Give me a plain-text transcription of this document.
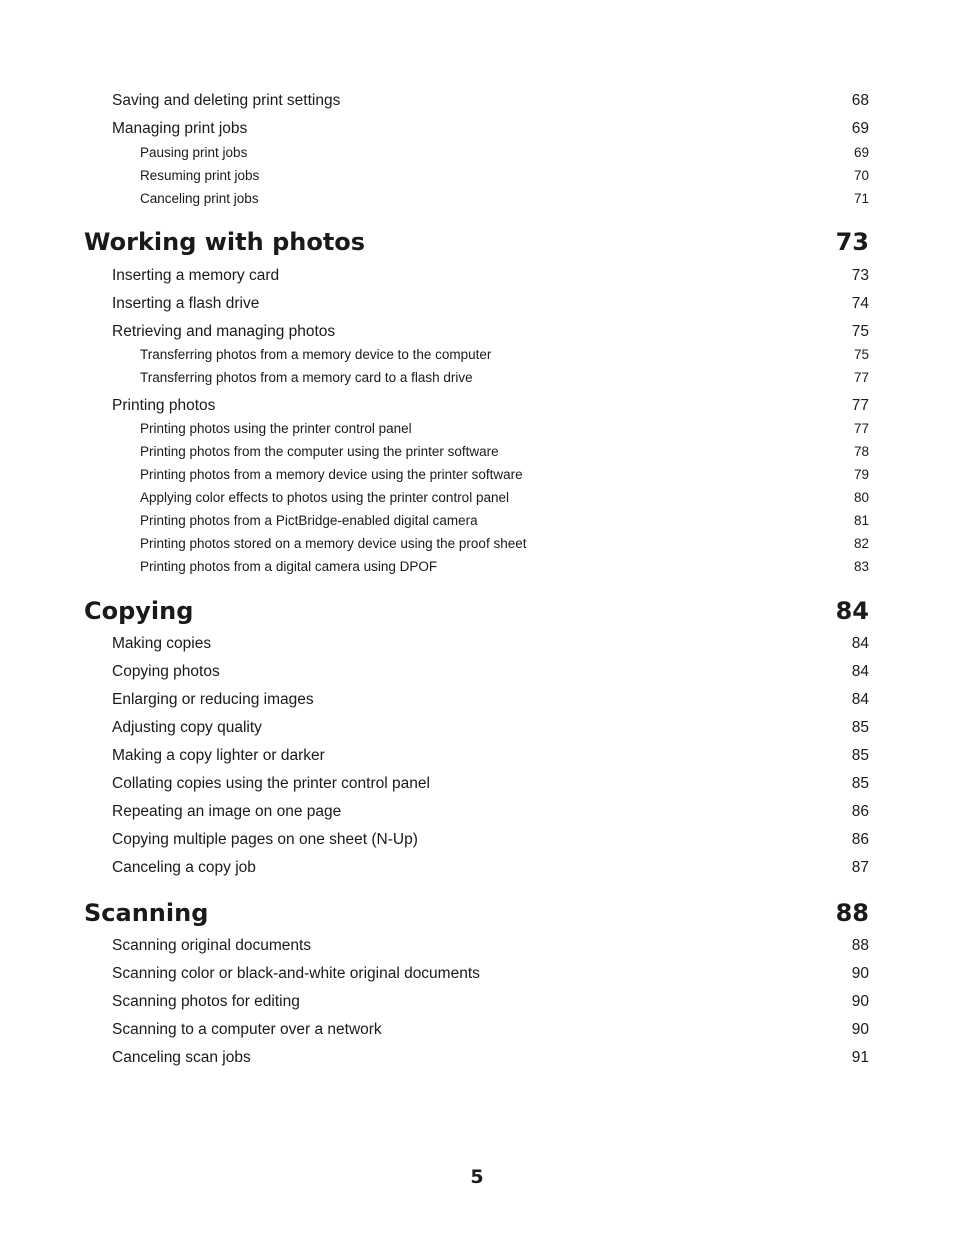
Saving and deleting print settings	68
Managing print jobs	69
Pausing print jobs	69
Resuming print jobs	70
Canceling print jobs	71
Working with photos	73
Inserting a memory card	73
Inserting a flash drive	74
Retrieving and managing photos	75
Transferring photos from a memory device to the computer	75
Transferring photos from a memory card to a flash drive	77
Printing photos	77
Printing photos using the printer control panel	77
Printing photos from the computer using the printer software	78
Printing photos from a memory device using the printer software	79
Applying color effects to photos using the printer control panel	80
Printing photos from a PictBridge-enabled digital camera	81
Printing photos stored on a memory device using the proof sheet	82
Printing photos from a digital camera using DPOF	83
Copying	84
Making copies	84
Copying photos	84
Enlarging or reducing images	84
Adjusting copy quality	85
Making a copy lighter or darker	85
Collating copies using the printer control panel	85
Repeating an image on one page	86
Copying multiple pages on one sheet (N-Up)	86
Canceling a copy job	87
Scanning	88
Scanning original documents	88
Scanning color or black-and-white original documents	90
Scanning photos for editing	90
Scanning to a computer over a network	90
Canceling scan jobs	91
5
